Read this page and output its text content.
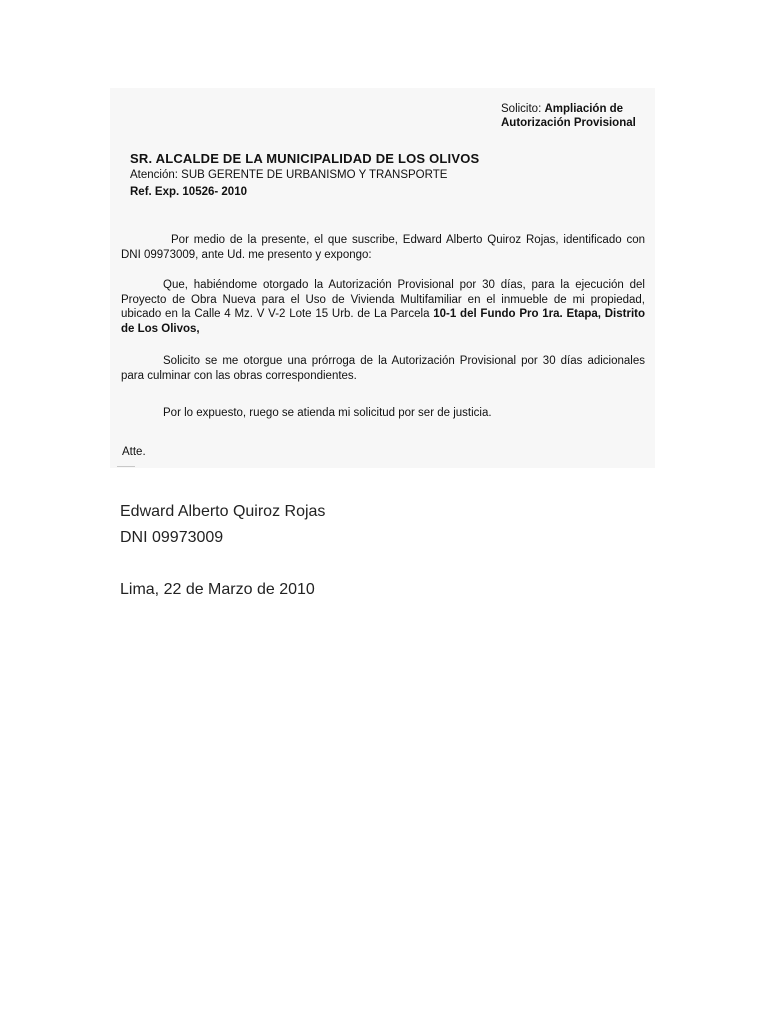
Solicito: Ampliación de
Autorización Provisional
SR. ALCALDE DE LA MUNICIPALIDAD DE LOS OLIVOS
Atención: SUB GERENTE DE URBANISMO Y TRANSPORTE
Ref. Exp. 10526- 2010
Por medio de la presente, el que suscribe, Edward Alberto Quiroz Rojas, identificado con DNI 09973009, ante Ud. me presento y expongo:
Que, habiéndome otorgado la Autorización Provisional por 30 días, para la ejecución del Proyecto de Obra Nueva para el Uso de Vivienda Multifamiliar en el inmueble de mi propiedad, ubicado en la Calle 4 Mz. V V-2 Lote 15 Urb. de La Parcela 10-1 del Fundo Pro 1ra. Etapa, Distrito de Los Olivos,
Solicito se me otorgue una prórroga de la Autorización Provisional por 30 días adicionales para culminar con las obras correspondientes.
Por lo expuesto, ruego se atienda mi solicitud por ser de justicia.
Atte.
Edward Alberto Quiroz Rojas
DNI 09973009
Lima, 22 de Marzo de 2010
